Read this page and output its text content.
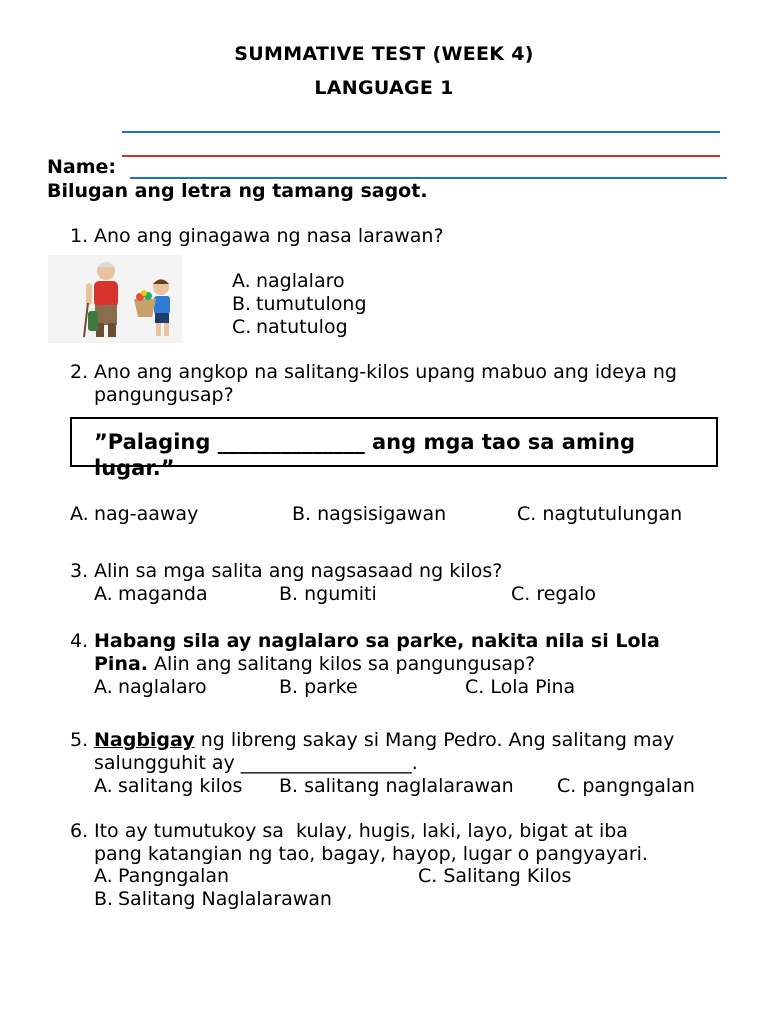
SUMMATIVE TEST (WEEK 4)
LANGUAGE 1
Name:
Bilugan ang letra ng tamang sagot.
1. Ano ang ginagawa ng nasa larawan?
A. naglalaro
B. tumutulong
C. natutulog
2. Ano ang angkop na salitang-kilos upang mabuo ang ideya ng
pangungusap?
”Palaging ______________ ang mga tao sa aming
lugar.”
A. nag-aaway	B. nagsisigawan	C. nagtutulungan
3. Alin sa mga salita ang nagsasaad ng kilos?
A. maganda	B. ngumiti	C. regalo
4. Habang sila ay naglalaro sa parke, nakita nila si Lola
Pina. Alin ang salitang kilos sa pangungusap?
A. naglalaro	B. parke	C. Lola Pina
5. Nagbigay ng libreng sakay si Mang Pedro. Ang salitang may
salungguhit ay __________________.
A. salitang kilos B. salitang naglalarawan C. pangngalan
6. Ito ay tumutukoy sa  kulay, hugis, laki, layo, bigat at iba
pang katangian ng tao, bagay, hayop, lugar o pangyayari.
A. Pangngalan	C. Salitang Kilos
B. Salitang Naglalarawan
